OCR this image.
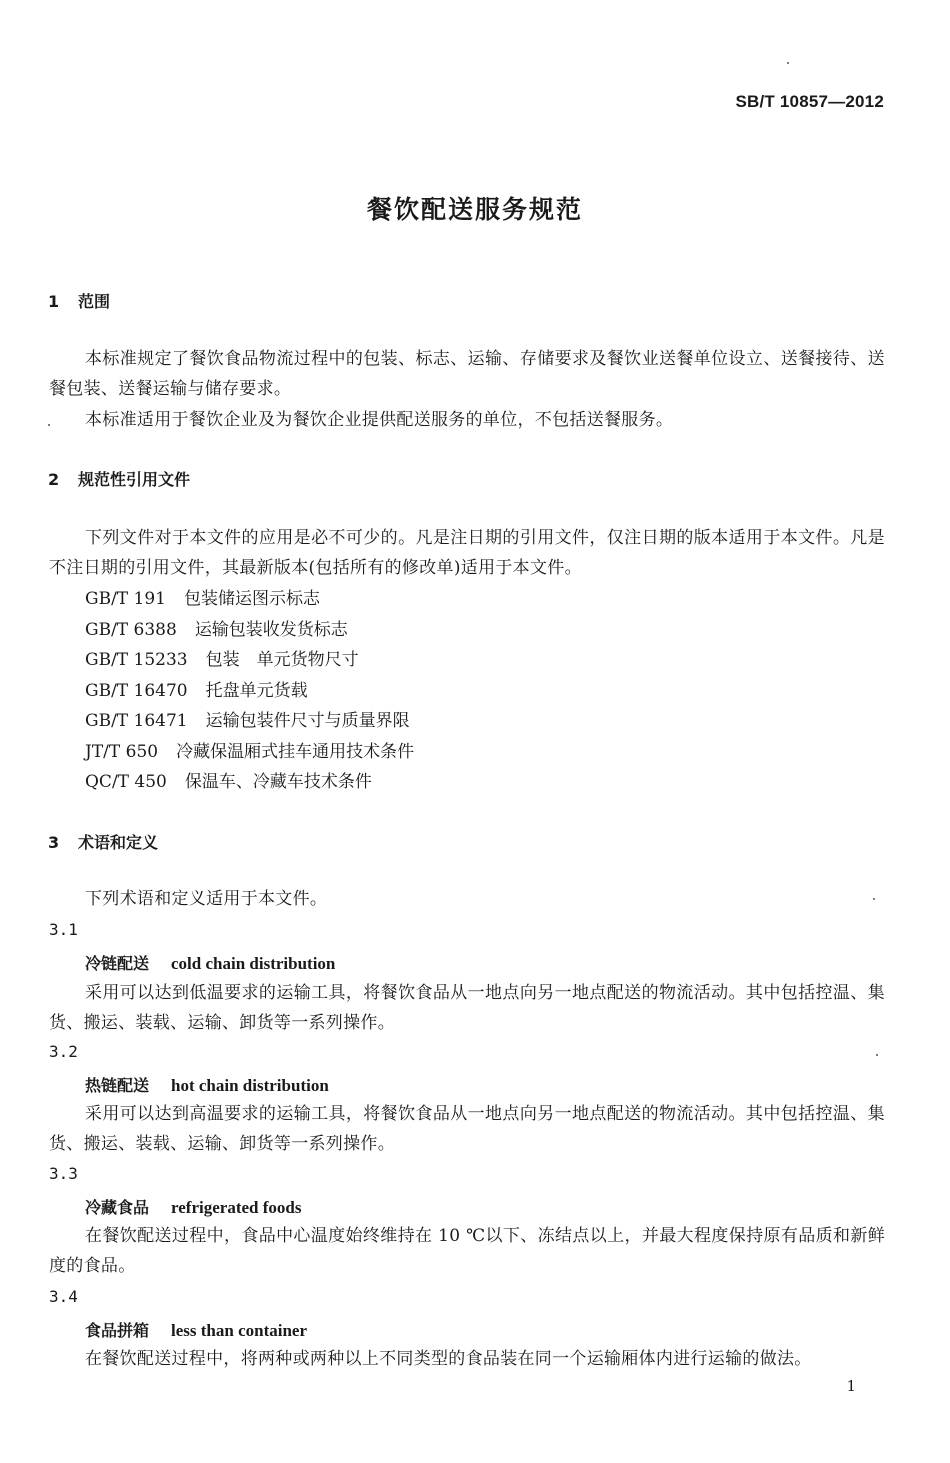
SB/T 10857—2012
餐饮配送服务规范
1 范围
本标准规定了餐饮食品物流过程中的包装、标志、运输、存储要求及餐饮业送餐单位设立、送餐接待、送餐包装、送餐运输与储存要求。
本标准适用于餐饮企业及为餐饮企业提供配送服务的单位，不包括送餐服务。
2 规范性引用文件
下列文件对于本文件的应用是必不可少的。凡是注日期的引用文件，仅注日期的版本适用于本文件。凡是不注日期的引用文件，其最新版本(包括所有的修改单)适用于本文件。
GB/T 191 包装储运图示标志
GB/T 6388 运输包装收发货标志
GB/T 15233 包装　单元货物尺寸
GB/T 16470 托盘单元货载
GB/T 16471 运输包装件尺寸与质量界限
JT/T 650 冷藏保温厢式挂车通用技术条件
QC/T 450 保温车、冷藏车技术条件
3 术语和定义
下列术语和定义适用于本文件。
3.1
冷链配送 cold chain distribution
采用可以达到低温要求的运输工具，将餐饮食品从一地点向另一地点配送的物流活动。其中包括控温、集货、搬运、装载、运输、卸货等一系列操作。
3.2
热链配送 hot chain distribution
采用可以达到高温要求的运输工具，将餐饮食品从一地点向另一地点配送的物流活动。其中包括控温、集货、搬运、装载、运输、卸货等一系列操作。
3.3
冷藏食品 refrigerated foods
在餐饮配送过程中，食品中心温度始终维持在 10 ℃以下、冻结点以上，并最大程度保持原有品质和新鲜度的食品。
3.4
食品拼箱 less than container
在餐饮配送过程中，将两种或两种以上不同类型的食品装在同一个运输厢体内进行运输的做法。
1
